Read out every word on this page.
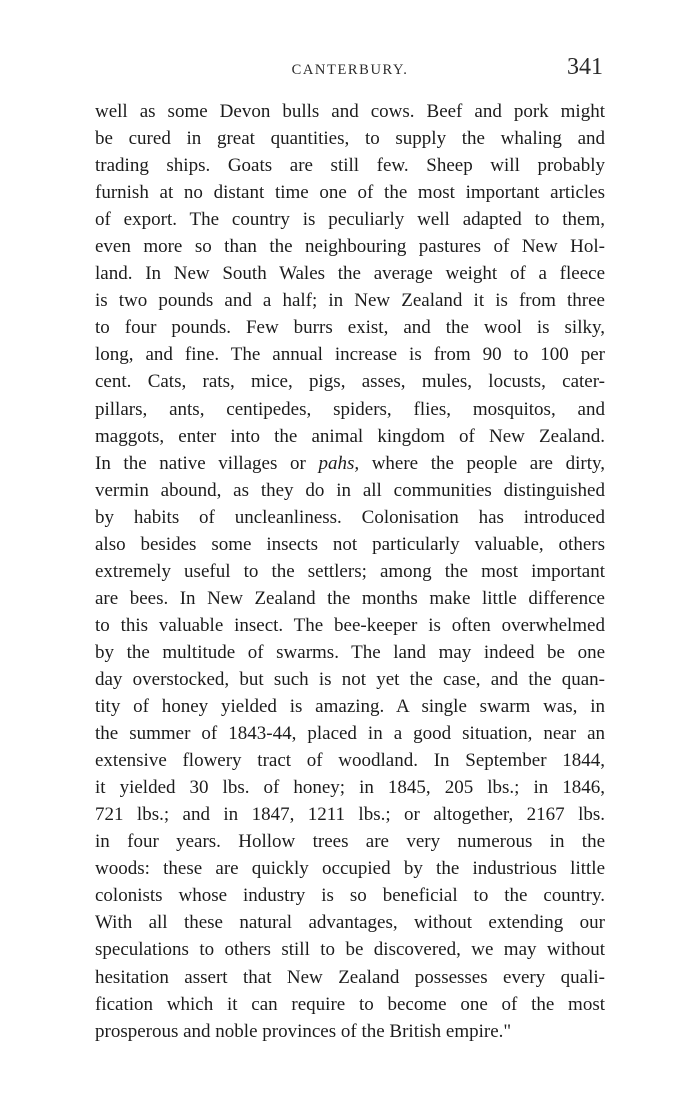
CANTERBURY.	341
well as some Devon bulls and cows. Beef and pork might
be cured in great quantities, to supply the whaling and
trading ships. Goats are still few. Sheep will probably
furnish at no distant time one of the most important articles
of export. The country is peculiarly well adapted to them,
even more so than the neighbouring pastures of New Hol-
land. In New South Wales the average weight of a fleece
is two pounds and a half; in New Zealand it is from three
to four pounds. Few burrs exist, and the wool is silky,
long, and fine. The annual increase is from 90 to 100 per
cent. Cats, rats, mice, pigs, asses, mules, locusts, cater-
pillars, ants, centipedes, spiders, flies, mosquitos, and
maggots, enter into the animal kingdom of New Zealand.
In the native villages or pahs, where the people are dirty,
vermin abound, as they do in all communities distinguished
by habits of uncleanliness. Colonisation has introduced
also besides some insects not particularly valuable, others
extremely useful to the settlers; among the most important
are bees. In New Zealand the months make little difference
to this valuable insect. The bee-keeper is often overwhelmed
by the multitude of swarms. The land may indeed be one
day overstocked, but such is not yet the case, and the quan-
tity of honey yielded is amazing. A single swarm was, in
the summer of 1843-44, placed in a good situation, near an
extensive flowery tract of woodland. In September 1844,
it yielded 30 lbs. of honey; in 1845, 205 lbs.; in 1846,
721 lbs.; and in 1847, 1211 lbs.; or altogether, 2167 lbs.
in four years. Hollow trees are very numerous in the
woods: these are quickly occupied by the industrious little
colonists whose industry is so beneficial to the country.
With all these natural advantages, without extending our
speculations to others still to be discovered, we may without
hesitation assert that New Zealand possesses every quali-
fication which it can require to become one of the most
prosperous and noble provinces of the British empire."
